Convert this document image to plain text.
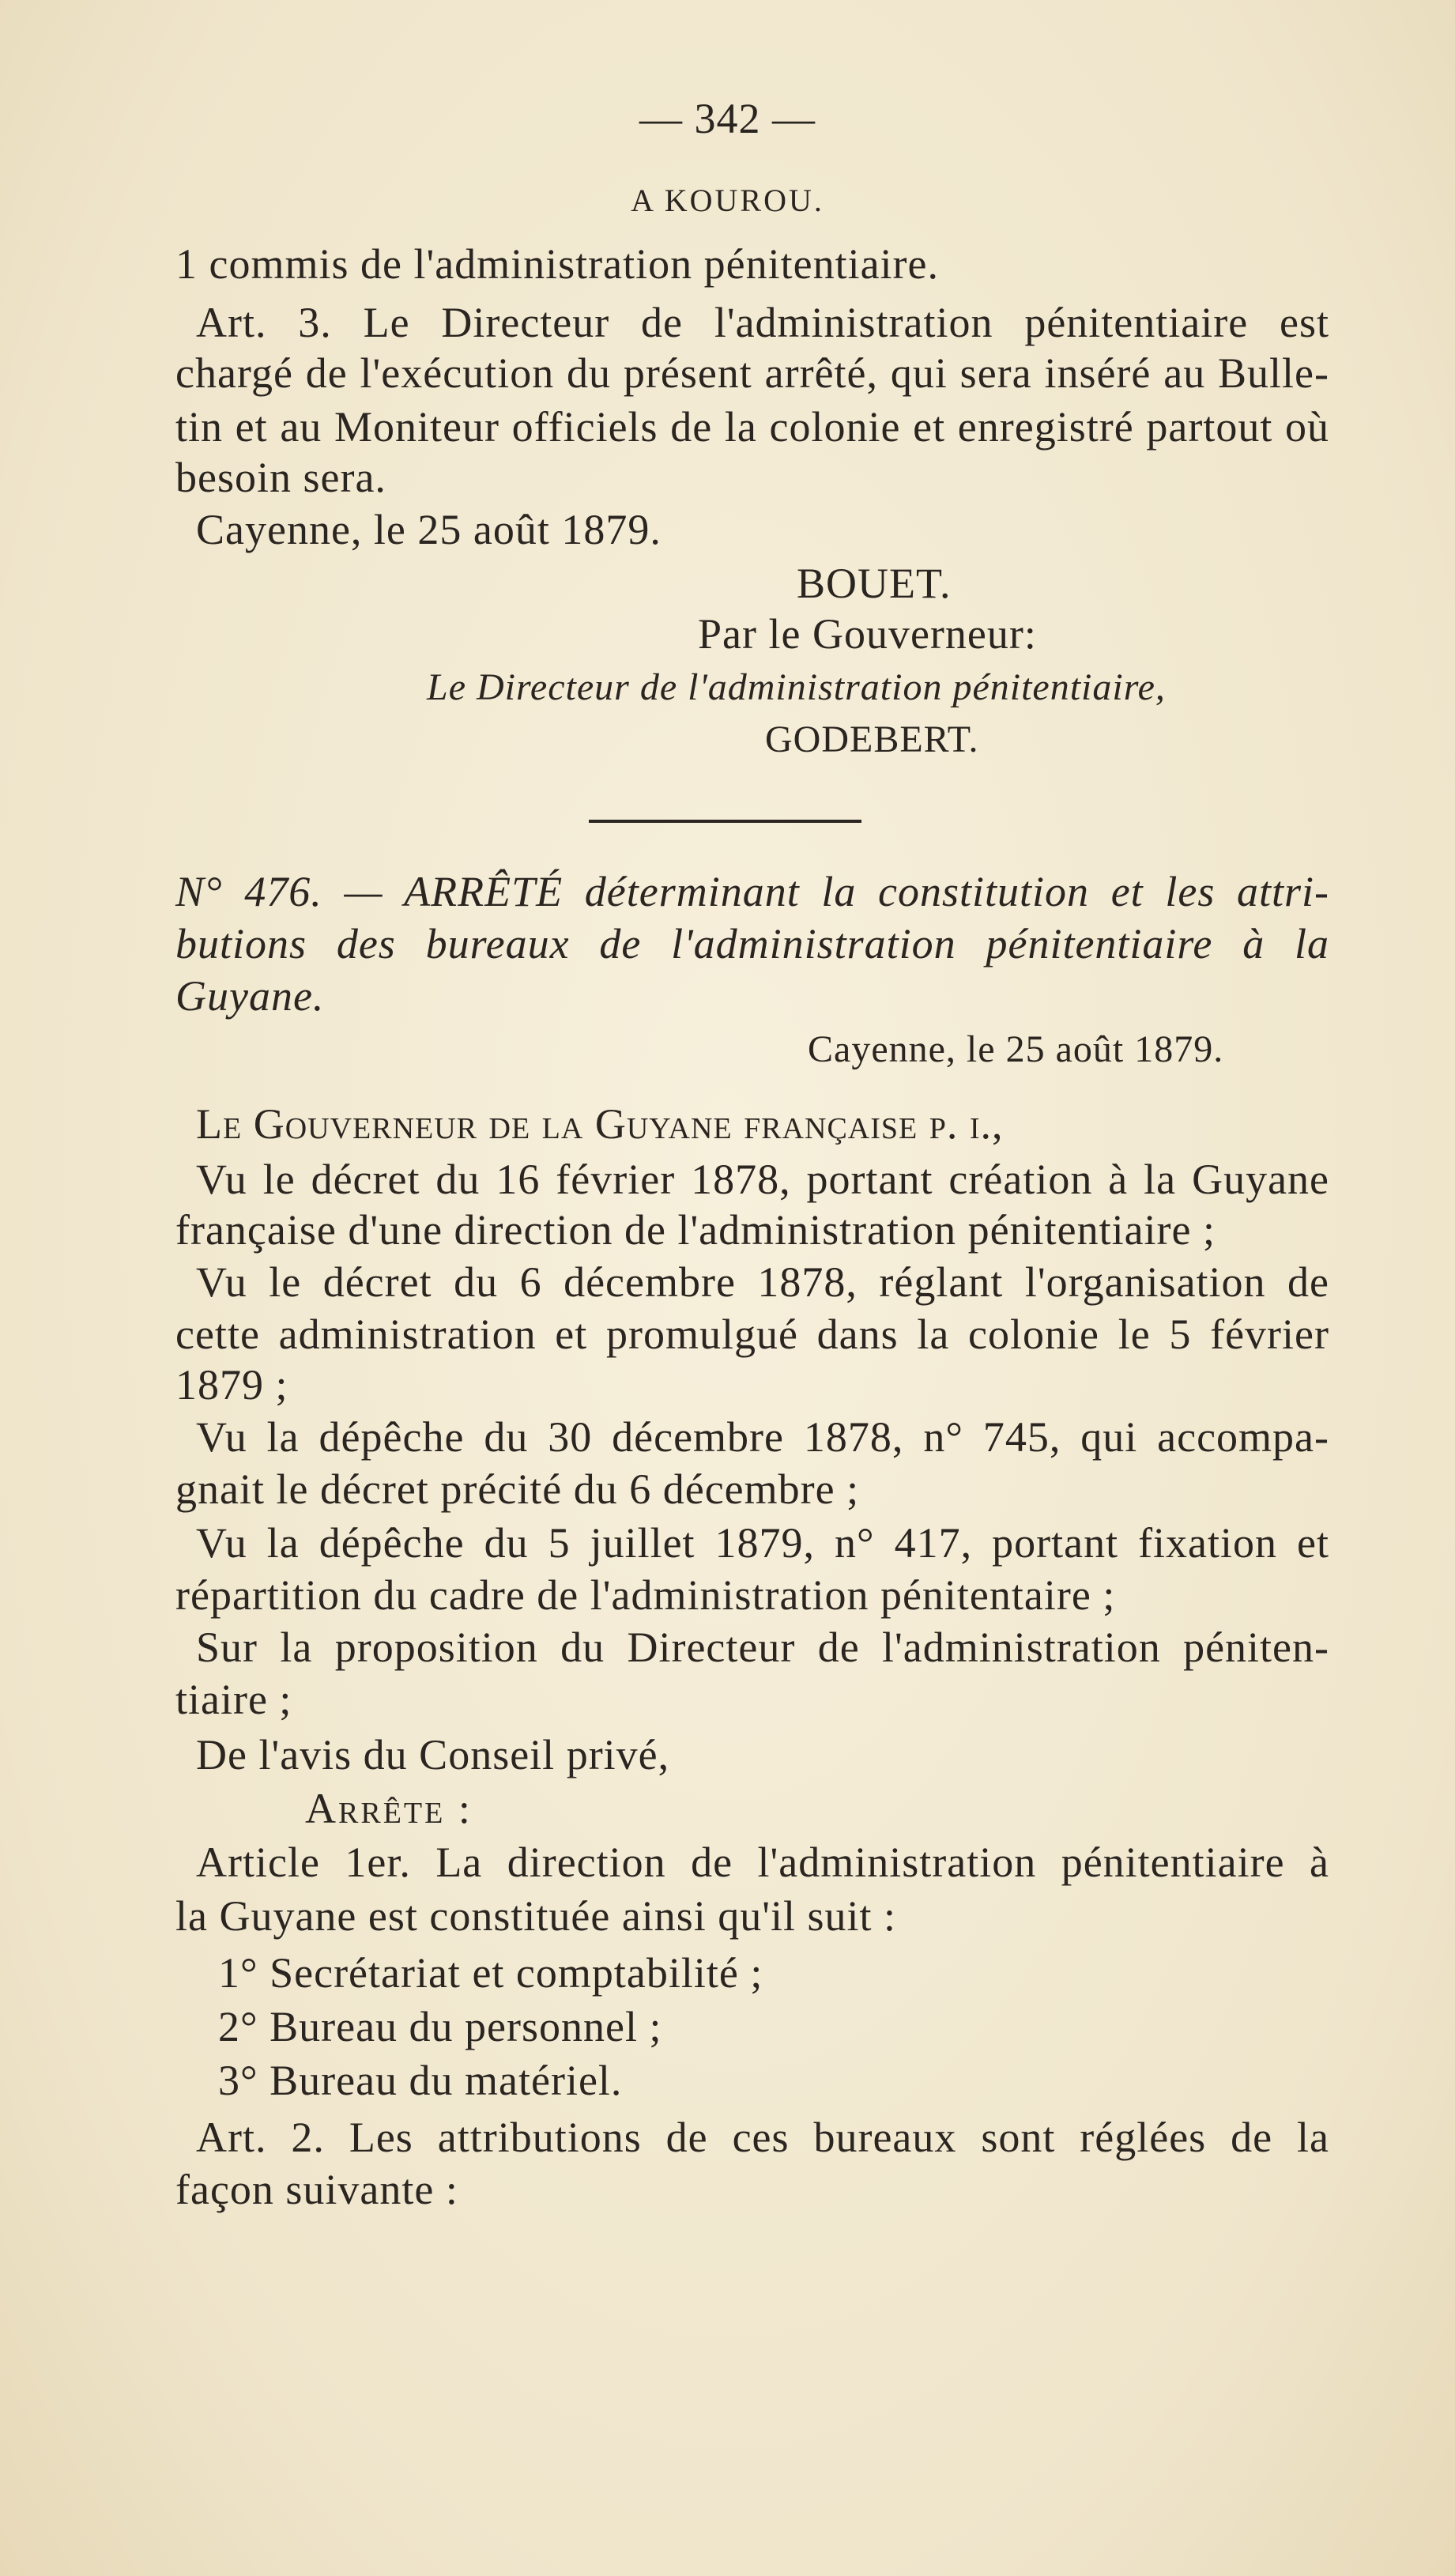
— 342 —
A KOUROU.
1 commis de l'administration pénitentiaire.
Art. 3. Le Directeur de l'administration pénitentiaire est
chargé de l'exécution du présent arrêté, qui sera inséré au Bulle-
tin et au Moniteur officiels de la colonie et enregistré partout où
besoin sera.
Cayenne, le 25 août 1879.
BOUET.
Par le Gouverneur:
Le Directeur de l'administration pénitentiaire,
GODEBERT.
N° 476. — ARRÊTÉ déterminant la constitution et les attri-
butions des bureaux de l'administration pénitentiaire à la
Guyane.
Cayenne, le 25 août 1879.
Le Gouverneur de la Guyane française p. i.,
Vu le décret du 16 février 1878, portant création à la Guyane
française d'une direction de l'administration pénitentiaire ;
Vu le décret du 6 décembre 1878, réglant l'organisation de
cette administration et promulgué dans la colonie le 5 février
1879 ;
Vu la dépêche du 30 décembre 1878, n° 745, qui accompa-
gnait le décret précité du 6 décembre ;
Vu la dépêche du 5 juillet 1879, n° 417, portant fixation et
répartition du cadre de l'administration pénitentaire ;
Sur la proposition du Directeur de l'administration péniten-
tiaire ;
De l'avis du Conseil privé,
Arrête :
Article 1er. La direction de l'administration pénitentiaire à
la Guyane est constituée ainsi qu'il suit :
1° Secrétariat et comptabilité ;
2° Bureau du personnel ;
3° Bureau du matériel.
Art. 2. Les attributions de ces bureaux sont réglées de la
façon suivante :
